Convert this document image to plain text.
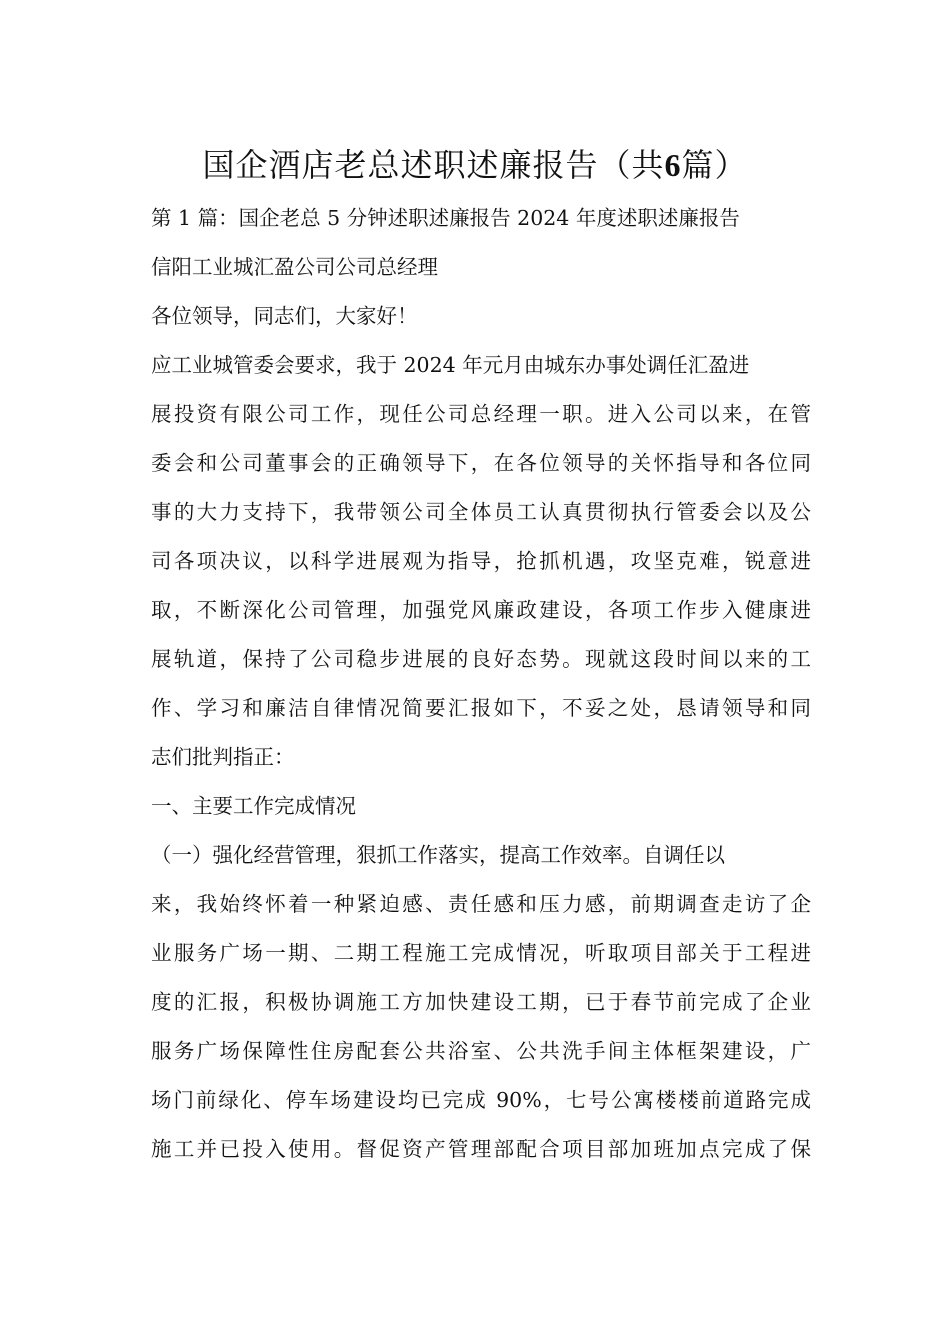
国企酒店老总述职述廉报告（共6篇）
第 1 篇：国企老总 5 分钟述职述廉报告 2024 年度述职述廉报告
信阳工业城汇盈公司公司总经理
各位领导，同志们，大家好！
应工业城管委会要求，我于 2024 年元月由城东办事处调任汇盈进
展投资有限公司工作，现任公司总经理一职。进入公司以来，在管
委会和公司董事会的正确领导下，在各位领导的关怀指导和各位同
事的大力支持下，我带领公司全体员工认真贯彻执行管委会以及公
司各项决议，以科学进展观为指导，抢抓机遇，攻坚克难，锐意进
取，不断深化公司管理，加强党风廉政建设，各项工作步入健康进
展轨道，保持了公司稳步进展的良好态势。现就这段时间以来的工
作、学习和廉洁自律情况简要汇报如下，不妥之处，恳请领导和同
志们批判指正：
一、主要工作完成情况
（一）强化经营管理，狠抓工作落实，提高工作效率。自调任以
来，我始终怀着一种紧迫感、责任感和压力感，前期调查走访了企
业服务广场一期、二期工程施工完成情况，听取项目部关于工程进
度的汇报，积极协调施工方加快建设工期，已于春节前完成了企业
服务广场保障性住房配套公共浴室、公共洗手间主体框架建设，广
场门前绿化、停车场建设均已完成 90%，七号公寓楼楼前道路完成
施工并已投入使用。督促资产管理部配合项目部加班加点完成了保
